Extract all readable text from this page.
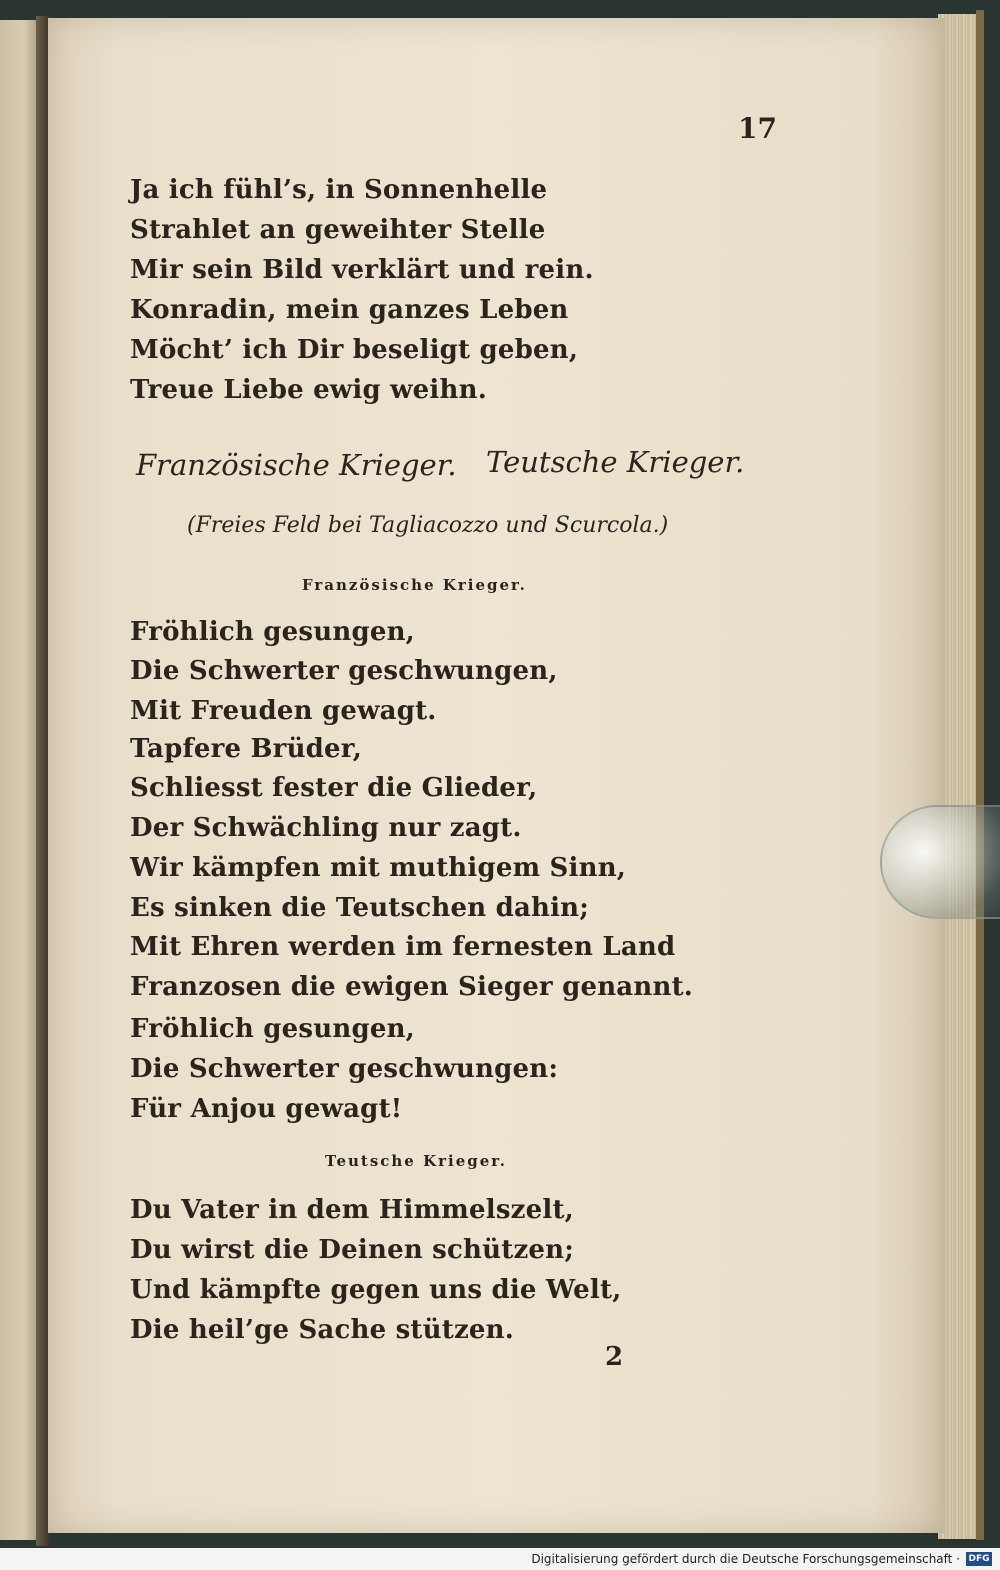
17
Ja ich fühl’s, in Sonnenhelle
Strahlet an geweihter Stelle
Mir sein Bild verklärt und rein.
Konradin, mein ganzes Leben
Möcht’ ich Dir beseligt geben,
Treue Liebe ewig weihn.
Französische Krieger. Teutsche Krieger.
(Freies Feld bei Tagliacozzo und Scurcola.)
Französische Krieger.
Fröhlich gesungen,
Die Schwerter geschwungen,
Mit Freuden gewagt.
Tapfere Brüder,
Schliesst fester die Glieder,
Der Schwächling nur zagt.
Wir kämpfen mit muthigem Sinn,
Es sinken die Teutschen dahin;
Mit Ehren werden im fernesten Land
Franzosen die ewigen Sieger genannt.
Fröhlich gesungen,
Die Schwerter geschwungen:
Für Anjou gewagt!
Teutsche Krieger.
Du Vater in dem Himmelszelt,
Du wirst die Deinen schützen;
Und kämpfte gegen uns die Welt,
Die heil’ge Sache stützen.
2
Digitalisierung gefördert durch die Deutsche Forschungsgemeinschaft · DFG
